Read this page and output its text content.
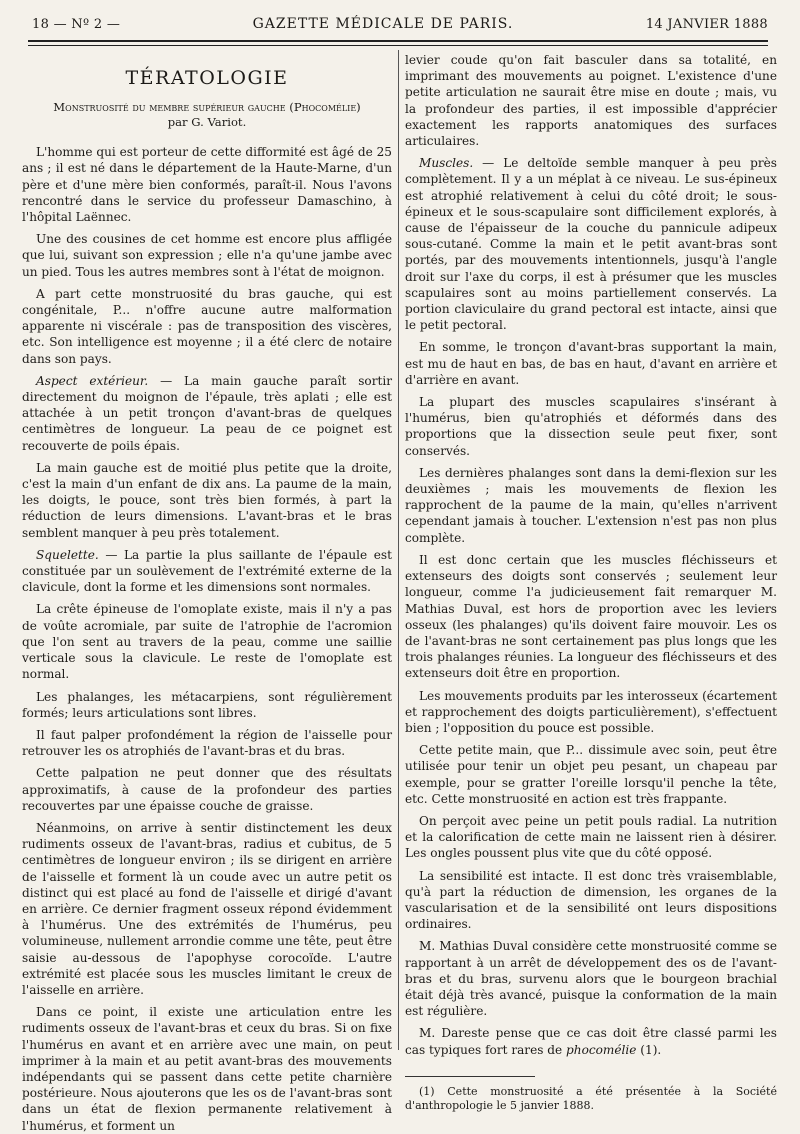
18 — Nº 2 —	GAZETTE MÉDICALE DE PARIS.	14 JANVIER 1888
TÉRATOLOGIE
Monstruosité du membre supérieur gauche (Phocomélie)
par G. Variot.

L'homme qui est porteur de cette difformité est âgé de 25 ans ; il est né dans le département de la Haute-Marne, d'un père et d'une mère bien conformés, paraît-il. Nous l'avons rencontré dans le service du professeur Damaschino, à l'hôpital Laënnec.

Une des cousines de cet homme est encore plus affligée que lui, suivant son expression ; elle n'a qu'une jambe avec un pied. Tous les autres membres sont à l'état de moignon.

A part cette monstruosité du bras gauche, qui est congénitale, P... n'offre aucune autre malformation apparente ni viscérale : pas de transposition des viscères, etc. Son intelligence est moyenne ; il a été clerc de notaire dans son pays.

Aspect extérieur. — La main gauche paraît sortir directement du moignon de l'épaule, très aplati ; elle est attachée à un petit tronçon d'avant-bras de quelques centimètres de longueur. La peau de ce poignet est recouverte de poils épais.

La main gauche est de moitié plus petite que la droite, c'est la main d'un enfant de dix ans. La paume de la main, les doigts, le pouce, sont très bien formés, à part la réduction de leurs dimensions. L'avant-bras et le bras semblent manquer à peu près totalement.

Squelette. — La partie la plus saillante de l'épaule est constituée par un soulèvement de l'extrémité externe de la clavicule, dont la forme et les dimensions sont normales.

La crête épineuse de l'omoplate existe, mais il n'y a pas de voûte acromiale, par suite de l'atrophie de l'acromion que l'on sent au travers de la peau, comme une saillie verticale sous la clavicule. Le reste de l'omoplate est normal.

Les phalanges, les métacarpiens, sont régulièrement formés; leurs articulations sont libres.

Il faut palper profondément la région de l'aisselle pour retrouver les os atrophiés de l'avant-bras et du bras.

Cette palpation ne peut donner que des résultats approximatifs, à cause de la profondeur des parties recouvertes par une épaisse couche de graisse.

Néanmoins, on arrive à sentir distinctement les deux rudiments osseux de l'avant-bras, radius et cubitus, de 5 centimètres de longueur environ ; ils se dirigent en arrière de l'aisselle et forment là un coude avec un autre petit os distinct qui est placé au fond de l'aisselle et dirigé d'avant en arrière. Ce dernier fragment osseux répond évidemment à l'humérus. Une des extrémités de l'humérus, peu volumineuse, nullement arrondie comme une tête, peut être saisie au-dessous de l'apophyse corocoïde. L'autre extrémité est placée sous les muscles limitant le creux de l'aisselle en arrière.

Dans ce point, il existe une articulation entre les rudiments osseux de l'avant-bras et ceux du bras. Si on fixe l'humérus en avant et en arrière avec une main, on peut imprimer à la main et au petit avant-bras des mouvements indépendants qui se passent dans cette petite charnière postérieure. Nous ajouterons que les os de l'avant-bras sont dans un état de flexion permanente relativement à l'humérus, et forment un

levier coude qu'on fait basculer dans sa totalité, en imprimant des mouvements au poignet. L'existence d'une petite articulation ne saurait être mise en doute ; mais, vu la profondeur des parties, il est impossible d'apprécier exactement les rapports anatomiques des surfaces articulaires.

Muscles. — Le deltoïde semble manquer à peu près complètement. Il y a un méplat à ce niveau. Le sus-épineux est atrophié relativement à celui du côté droit; le sous-épineux et le sous-scapulaire sont difficilement explorés, à cause de l'épaisseur de la couche du pannicule adipeux sous-cutané. Comme la main et le petit avant-bras sont portés, par des mouvements intentionnels, jusqu'à l'angle droit sur l'axe du corps, il est à présumer que les muscles scapulaires sont au moins partiellement conservés. La portion claviculaire du grand pectoral est intacte, ainsi que le petit pectoral.

En somme, le tronçon d'avant-bras supportant la main, est mu de haut en bas, de bas en haut, d'avant en arrière et d'arrière en avant.

La plupart des muscles scapulaires s'insérant à l'humérus, bien qu'atrophiés et déformés dans des proportions que la dissection seule peut fixer, sont conservés.

Les dernières phalanges sont dans la demi-flexion sur les deuxièmes ; mais les mouvements de flexion les rapprochent de la paume de la main, qu'elles n'arrivent cependant jamais à toucher. L'extension n'est pas non plus complète.

Il est donc certain que les muscles fléchisseurs et extenseurs des doigts sont conservés ; seulement leur longueur, comme l'a judicieusement fait remarquer M. Mathias Duval, est hors de proportion avec les leviers osseux (les phalanges) qu'ils doivent faire mouvoir. Les os de l'avant-bras ne sont certainement pas plus longs que les trois phalanges réunies. La longueur des fléchisseurs et des extenseurs doit être en proportion.

Les mouvements produits par les interosseux (écartement et rapprochement des doigts particulièrement), s'effectuent bien ; l'opposition du pouce est possible.

Cette petite main, que P... dissimule avec soin, peut être utilisée pour tenir un objet peu pesant, un chapeau par exemple, pour se gratter l'oreille lorsqu'il penche la tête, etc. Cette monstruosité en action est très frappante.

On perçoit avec peine un petit pouls radial. La nutrition et la calorification de cette main ne laissent rien à désirer. Les ongles poussent plus vite que du côté opposé.

La sensibilité est intacte. Il est donc très vraisemblable, qu'à part la réduction de dimension, les organes de la vascularisation et de la sensibilité ont leurs dispositions ordinaires.

M. Mathias Duval considère cette monstruosité comme se rapportant à un arrêt de développement des os de l'avant-bras et du bras, survenu alors que le bourgeon brachial était déjà très avancé, puisque la conformation de la main est régulière.

M. Dareste pense que ce cas doit être classé parmi les cas typiques fort rares de phocomélie (1).

(1) Cette monstruosité a été présentée à la Société d'anthropologie le 5 janvier 1888.
